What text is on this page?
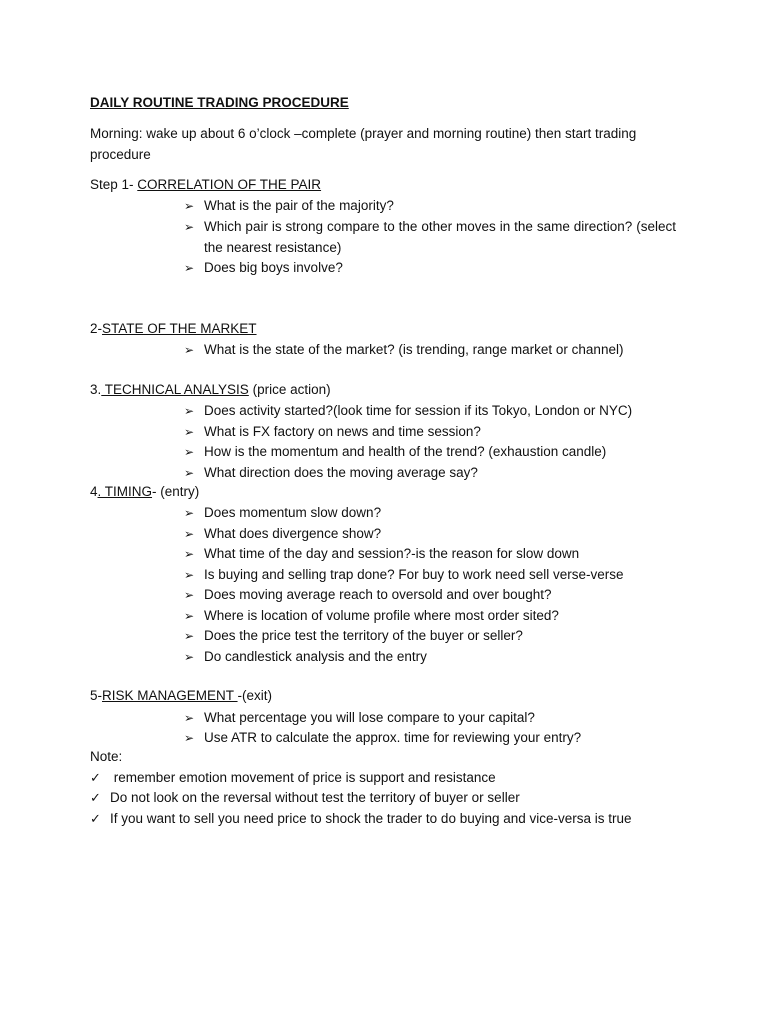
DAILY ROUTINE TRADING PROCEDURE
Morning: wake up about 6 o’clock –complete (prayer and morning routine) then start trading
procedure
Step 1- CORRELATION OF THE PAIR
➢ What is the pair of the majority?
➢ Which pair is strong compare to the other moves in the same direction? (select the nearest resistance)
➢ Does big boys involve?
2-STATE OF THE MARKET
➢ What is the state of the market? (is trending, range market or channel)
3. TECHNICAL ANALYSIS (price action)
➢ Does activity started?(look time for session if its Tokyo, London or NYC)
➢ What is FX factory on news and time session?
➢ How is the momentum and health of the trend? (exhaustion candle)
➢ What direction does the moving average say?
4. TIMING- (entry)
➢ Does momentum slow down?
➢ What does divergence show?
➢ What time of the day and session?-is the reason for slow down
➢ Is buying and selling trap done? For buy to work need sell verse-verse
➢ Does moving average reach to oversold and over bought?
➢ Where is location of volume profile where most order sited?
➢ Does the price test the territory of the buyer or seller?
➢ Do candlestick analysis and the entry
5-RISK MANAGEMENT -(exit)
➢ What percentage you will lose compare to your capital?
➢ Use ATR to calculate the approx. time for reviewing your entry?
Note:
✓ remember emotion movement of price is support and resistance
✓ Do not look on the reversal without test the territory of buyer or seller
✓ If you want to sell you need price to shock the trader to do buying and vice-versa is true
